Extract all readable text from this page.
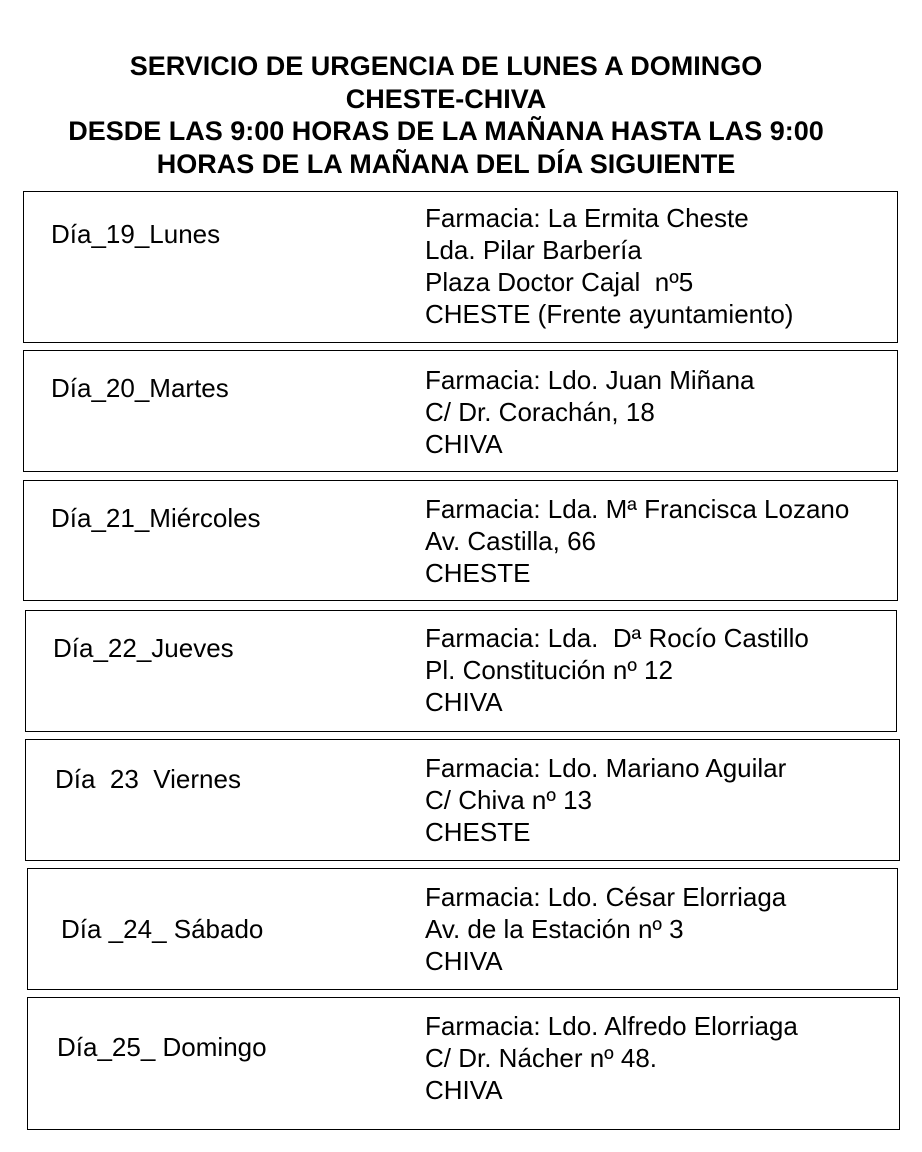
SERVICIO DE URGENCIA DE LUNES A DOMINGO
CHESTE-CHIVA
DESDE LAS 9:00 HORAS DE LA MAÑANA HASTA LAS 9:00
HORAS DE LA MAÑANA DEL DÍA SIGUIENTE
Día_19_Lunes
Farmacia: La Ermita Cheste
Lda. Pilar Barbería
Plaza Doctor Cajal  nº5
CHESTE (Frente ayuntamiento)
Día_20_Martes	Farmacia: Ldo. Juan Miñana
C/ Dr. Corachán, 18
CHIVA
Día_21_Miércoles	Farmacia: Lda. Mª Francisca Lozano
Av. Castilla, 66
CHESTE
Día_22_Jueves	Farmacia: Lda.  Dª Rocío Castillo
Pl. Constitución nº 12
CHIVA
Día  23  Viernes	Farmacia: Ldo. Mariano Aguilar
C/ Chiva nº 13
CHESTE
Día _24_ Sábado
Farmacia: Ldo. César Elorriaga
Av. de la Estación nº 3
CHIVA
Día_25_ Domingo
Farmacia: Ldo. Alfredo Elorriaga
C/ Dr. Nácher nº 48.
CHIVA
